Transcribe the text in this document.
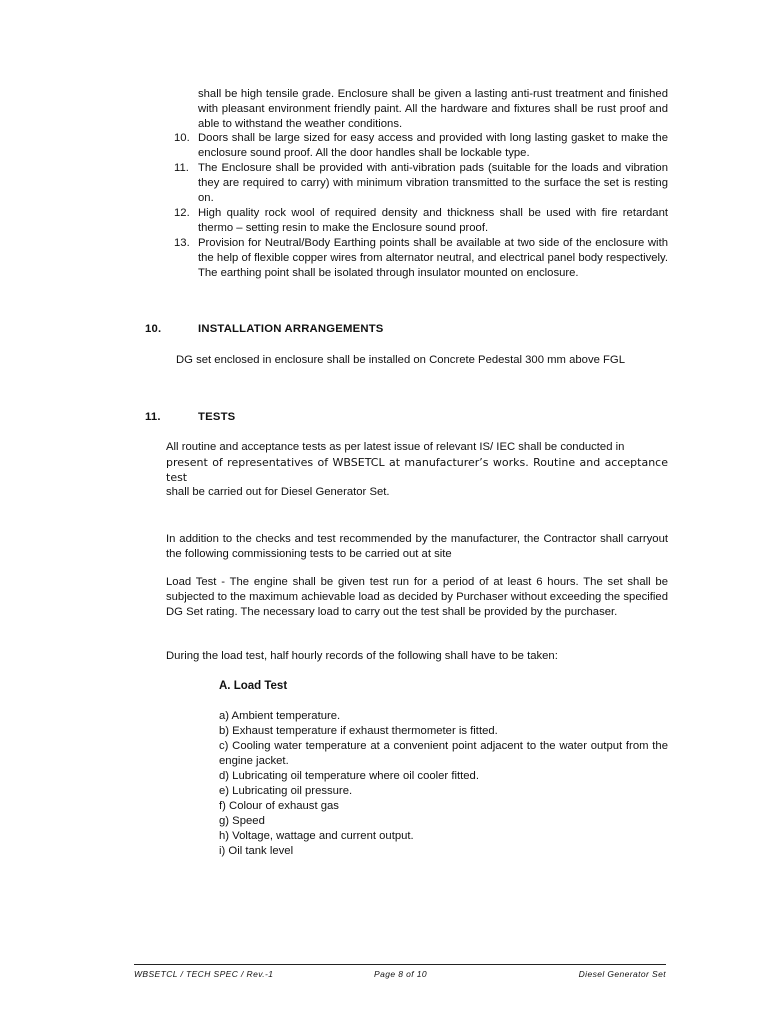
shall be high tensile grade. Enclosure shall be given a lasting anti-rust treatment and finished with pleasant environment friendly paint. All the hardware and fixtures shall be rust proof and able to withstand the weather conditions.
10. Doors shall be large sized for easy access and provided with long lasting gasket to make the enclosure sound proof. All the door handles shall be lockable type.
11. The Enclosure shall be provided with anti-vibration pads (suitable for the loads and vibration they are required to carry) with minimum vibration transmitted to the surface the set is resting on.
12. High quality rock wool of required density and thickness shall be used with fire retardant thermo – setting resin to make the Enclosure sound proof.
13. Provision for Neutral/Body Earthing points shall be available at two side of the enclosure with the help of flexible copper wires from alternator neutral, and electrical panel body respectively. The earthing point shall be isolated through insulator mounted on enclosure.
10.	INSTALLATION ARRANGEMENTS
DG set enclosed in enclosure shall be installed on Concrete Pedestal 300 mm above FGL
11.	TESTS
All routine and acceptance tests as per latest issue of relevant IS/ IEC shall be conducted in
present of representatives of WBSETCL at manufacturer’s works. Routine and acceptance test
shall be carried out for Diesel Generator Set.
In addition to the checks and test recommended by the manufacturer, the Contractor shall carryout the following commissioning tests to be carried out at site
Load Test - The engine shall be given test run for a period of at least 6 hours. The set shall be subjected to the maximum achievable load as decided by Purchaser without exceeding the specified DG Set rating. The necessary load to carry out the test shall be provided by the purchaser.
During the load test, half hourly records of the following shall have to be taken:
A. Load Test
a) Ambient temperature.
b) Exhaust temperature if exhaust thermometer is fitted.
c) Cooling water temperature at a convenient point adjacent to the water output from the engine jacket.
d) Lubricating oil temperature where oil cooler fitted.
e) Lubricating oil pressure.
f) Colour of exhaust gas
g) Speed
h) Voltage, wattage and current output.
i) Oil tank level
WBSETCL / TECH SPEC / Rev.-1	Page 8 of 10	Diesel Generator Set
